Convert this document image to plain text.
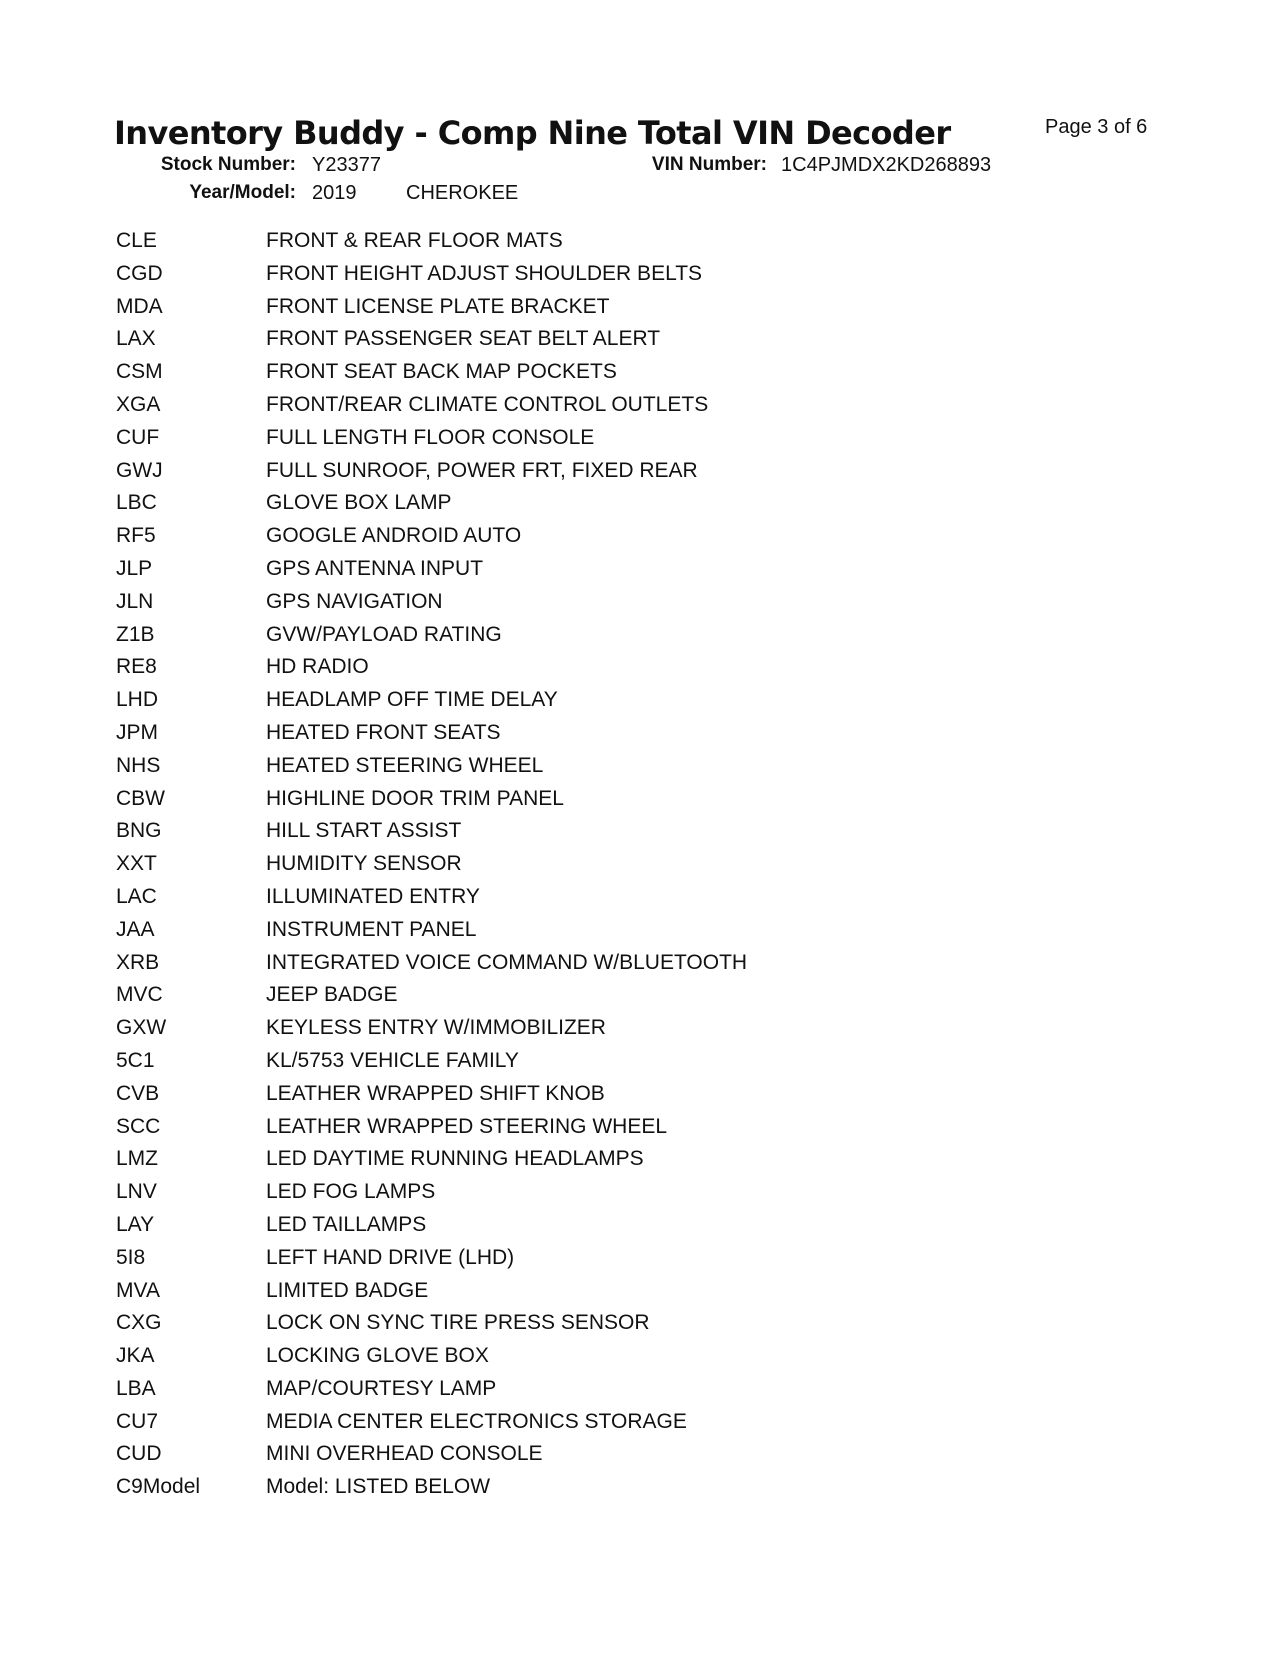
Inventory Buddy - Comp Nine Total VIN Decoder	Page 3 of 6
Stock Number: Y23377	VIN Number: 1C4PJMDX2KD268893
Year/Model: 2019 CHEROKEE
CLE	FRONT & REAR FLOOR MATS
CGD	FRONT HEIGHT ADJUST SHOULDER BELTS
MDA	FRONT LICENSE PLATE BRACKET
LAX	FRONT PASSENGER SEAT BELT ALERT
CSM	FRONT SEAT BACK MAP POCKETS
XGA	FRONT/REAR CLIMATE CONTROL OUTLETS
CUF	FULL LENGTH FLOOR CONSOLE
GWJ	FULL SUNROOF, POWER FRT, FIXED REAR
LBC	GLOVE BOX LAMP
RF5	GOOGLE ANDROID AUTO
JLP	GPS ANTENNA INPUT
JLN	GPS NAVIGATION
Z1B	GVW/PAYLOAD RATING
RE8	HD RADIO
LHD	HEADLAMP OFF TIME DELAY
JPM	HEATED FRONT SEATS
NHS	HEATED STEERING WHEEL
CBW	HIGHLINE DOOR TRIM PANEL
BNG	HILL START ASSIST
XXT	HUMIDITY SENSOR
LAC	ILLUMINATED ENTRY
JAA	INSTRUMENT PANEL
XRB	INTEGRATED VOICE COMMAND W/BLUETOOTH
MVC	JEEP BADGE
GXW	KEYLESS ENTRY W/IMMOBILIZER
5C1	KL/5753 VEHICLE FAMILY
CVB	LEATHER WRAPPED SHIFT KNOB
SCC	LEATHER WRAPPED STEERING WHEEL
LMZ	LED DAYTIME RUNNING HEADLAMPS
LNV	LED FOG LAMPS
LAY	LED TAILLAMPS
5I8	LEFT HAND DRIVE (LHD)
MVA	LIMITED BADGE
CXG	LOCK ON SYNC TIRE PRESS SENSOR
JKA	LOCKING GLOVE BOX
LBA	MAP/COURTESY LAMP
CU7	MEDIA CENTER ELECTRONICS STORAGE
CUD	MINI OVERHEAD CONSOLE
C9Model	Model: LISTED BELOW
